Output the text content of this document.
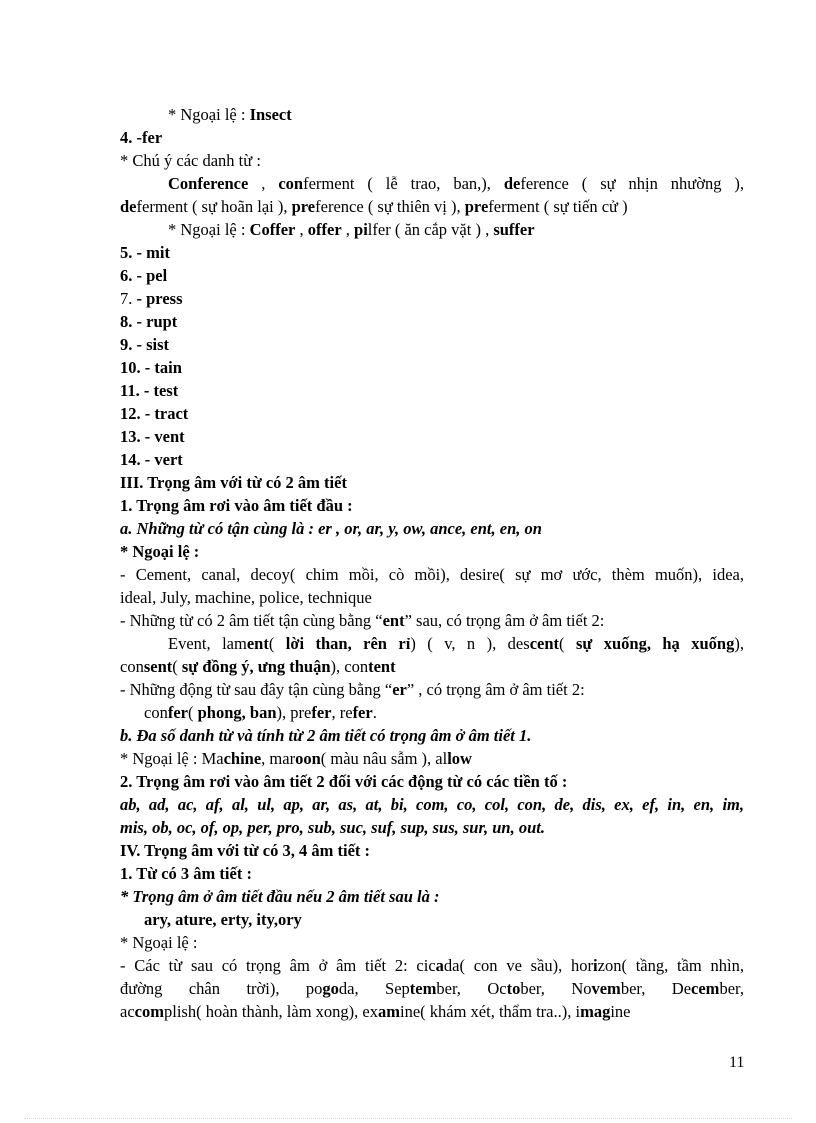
* Ngoại lệ : Insect
4. -fer
* Chú ý các danh từ :
Conference , conferment ( lễ trao, ban,), deference ( sự nhịn nhường ),
deferment ( sự hoãn lại ), preference ( sự thiên vị ), preferment ( sự tiến cử )
* Ngoại lệ : Coffer , offer , pilfer ( ăn cắp vặt ) , suffer
5. - mit
6. - pel
7. - press
8. - rupt
9. - sist
10. - tain
11. - test
12. - tract
13. - vent
14. - vert
III. Trọng âm với từ có 2 âm tiết
1. Trọng âm rơi vào âm tiết đầu :
a. Những từ có tận cùng là : er , or, ar, y, ow, ance, ent, en, on
* Ngoại lệ :
- Cement, canal, decoy( chim mồi, cò mồi), desire( sự mơ ước, thèm muốn), idea,
ideal, July, machine, police, technique
- Những từ có 2 âm tiết tận cùng bằng “ent” sau, có trọng âm ở âm tiết 2:
Event, lament( lời than, rên rỉ) ( v, n ), descent( sự xuống, hạ xuống),
consent( sự đồng ý, ưng thuận), content
- Những động từ sau đây tận cùng bằng “er” , có trọng âm ở âm tiết 2:
confer( phong, ban), prefer, refer.
b. Đa số danh từ và tính từ 2 âm tiết có trọng âm ở âm tiết 1.
* Ngoại lệ : Machine, maroon( màu nâu sẫm ), allow
2. Trọng âm rơi vào âm tiết 2 đối với các động từ có các tiền tố :
ab, ad, ac, af, al, ul, ap, ar, as, at, bi, com, co, col, con, de, dis, ex, ef, in, en, im,
mis, ob, oc, of, op, per, pro, sub, suc, suf, sup, sus, sur, un, out.
IV. Trọng âm với từ có 3, 4 âm tiết :
1. Từ có 3 âm tiết :
* Trọng âm ở âm tiết đầu nếu 2 âm tiết sau là :
ary, ature, erty, ity,ory
* Ngoại lệ :
- Các từ sau có trọng âm ở âm tiết 2: cicada( con ve sầu), horizon( tầng, tầm nhìn,
đường chân trời), pogoda, September, October, November, December,
accomplish( hoàn thành, làm xong), examine( khám xét, thẩm tra..), imagine
11
